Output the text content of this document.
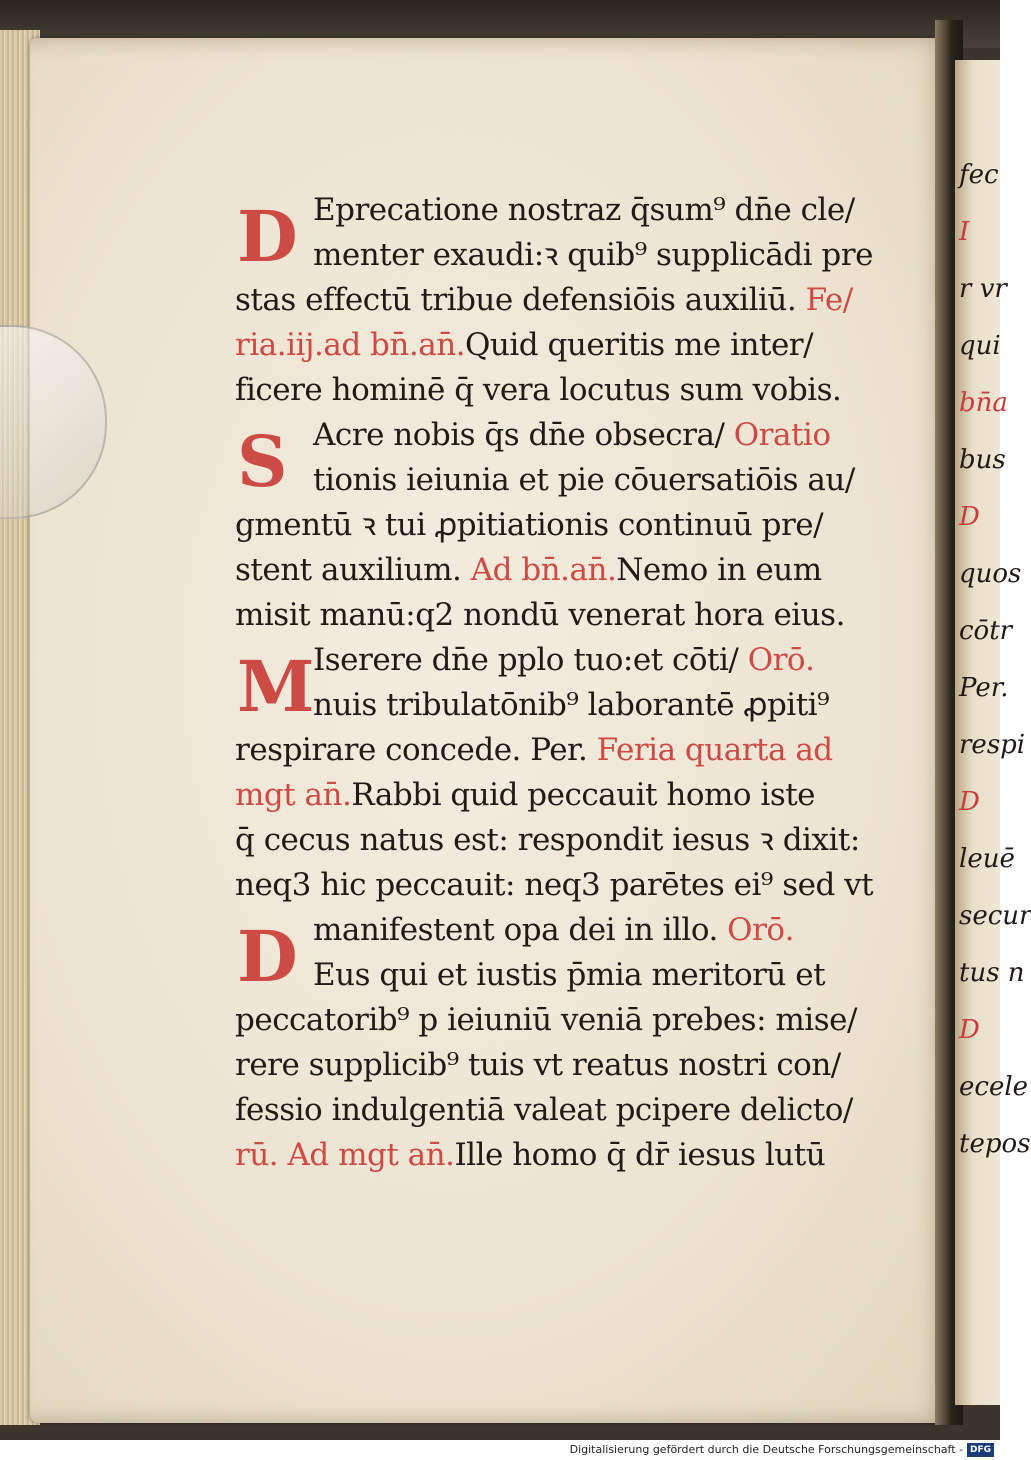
Eprecatione nostraz q̄sum⁹ dn̄e cle/
D menter exaudi:ꝛ quib⁹ supplicādi pre
stas effectū tribue defensiōis auxiliū. Fe/
ria.iij.ad bn̄.an̄.Quid queritis me inter/
ficere hominē q̄ vera locutus sum vobis.
Acre nobis q̄s dn̄e obsecra/ Oratio
S tionis ieiunia et pie cōuersatiōis au/
gmentū ꝛ tui ꝓpitiationis continuū pre/
stent auxilium. Ad bn̄.an̄.Nemo in eum
misit manū:q2 nondū venerat hora eius.
Iserere dn̄e pplo tuo:et cōti/ Orō.
M nuis tribulatōnib⁹ laborantē ꝓpiti⁹
respirare concede. Per. Feria quarta ad
mgt an̄.Rabbi quid peccauit homo iste
q̄ cecus natus est: respondit iesus ꝛ dixit:
neq3 hic peccauit: neq3 parētes ei⁹ sed vt
manifestent opa dei in illo. Orō.
D Eus qui et iustis p̄mia meritorū et
peccatorib⁹ p ieiuniū veniā prebes: mise/
rere supplicib⁹ tuis vt reatus nostri con/
fessio indulgentiā valeat pcipere delicto/
rū. Ad mgt an̄.Ille homo q̄ dr̄ iesus lutū
fec
I
r vr
qui
bn̄a
bus
D
quos
cōtr
Per.
respi
D
leuē
secur
tus n
D
ecele
tepos
Digitalisierung gefördert durch die Deutsche Forschungsgemeinschaft - DFG
